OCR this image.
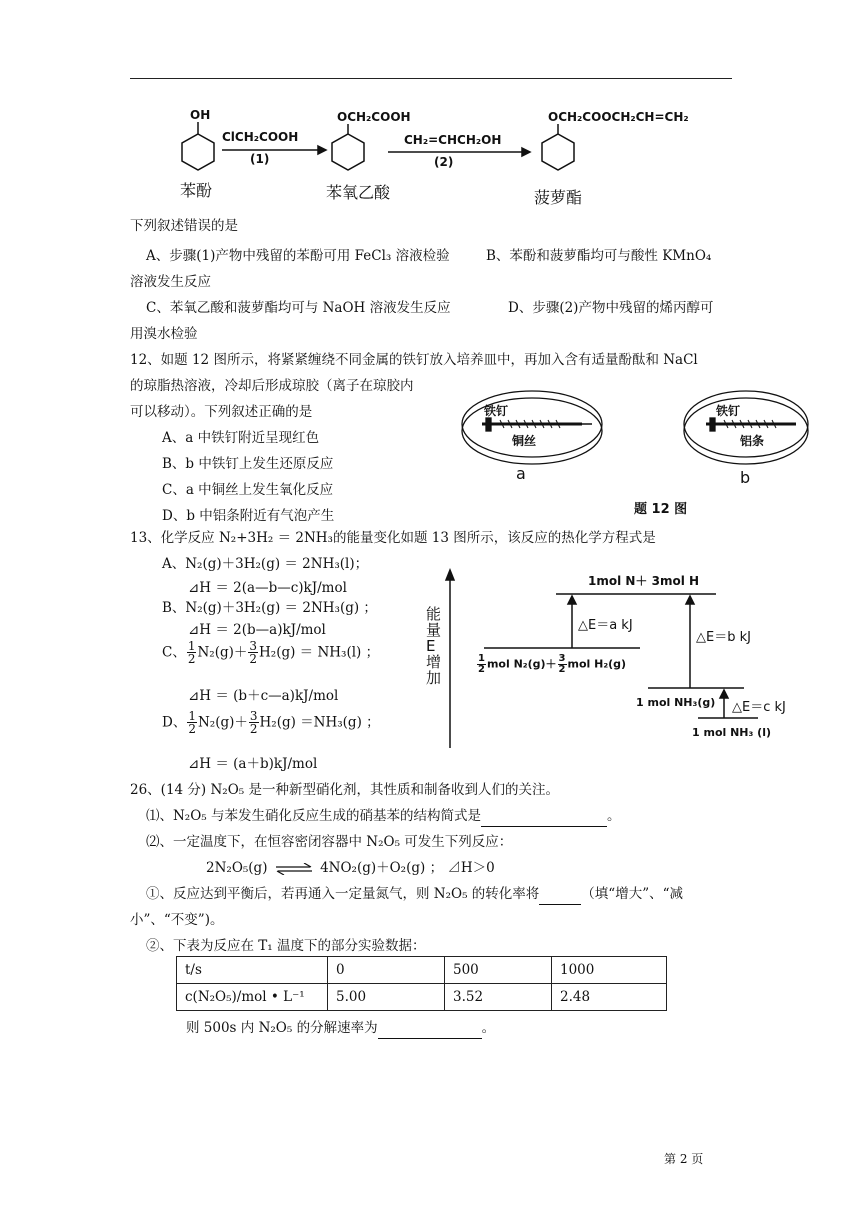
OH
苯酚
ClCH₂COOH
(1)
OCH₂COOH
苯氧乙酸
CH₂=CHCH₂OH
(2)
OCH₂COOCH₂CH=CH₂
菠萝酯
下列叙述错误的是
A、步骤(1)产物中残留的苯酚可用 FeCl₃ 溶液检验	B、苯酚和菠萝酯均可与酸性 KMnO₄
溶液发生反应
C、苯氧乙酸和菠萝酯均可与 NaOH 溶液发生反应	D、步骤(2)产物中残留的烯丙醇可
用溴水检验
12、如题 12 图所示，将紧紧缠绕不同金属的铁钉放入培养皿中，再加入含有适量酚酞和 NaCl
的琼脂热溶液，冷却后形成琼胶（离子在琼胶内
可以移动）。下列叙述正确的是
A、a 中铁钉附近呈现红色
B、b 中铁钉上发生还原反应
C、a 中铜丝上发生氧化反应
D、b 中铝条附近有气泡产生
铁钉
铜丝
a
铁钉
铝条
b
题 12 图
13、化学反应 N₂+3H₂ ＝ 2NH₃的能量变化如题 13 图所示，该反应的热化学方程式是
A、N₂(g)＋3H₂(g) ＝ 2NH₃(l)；
⊿H ＝ 2(a—b—c)kJ/mol
B、N₂(g)＋3H₂(g) ＝ 2NH₃(g) ；
⊿H ＝ 2(b—a)kJ/mol
C、 $\frac{1}{2} N_2(g)+ \frac{3}{2} H_2(g) = NH_3(l)$ ；
⊿H ＝ (b＋c—a)kJ/mol
D、 $\frac{1}{2} N_2(g)+ \frac{3}{2} H_2(g) =NH_3(g)$ ；
⊿H ＝ (a＋b)kJ/mol
能量E增加
1mol N＋ 3mol H
$\frac{1}{2}$ mol $N_2(g)+ \frac{3}{2}$ mol H₂(g)
△E＝a kJ
△E＝b kJ
1 mol NH₃(g) △E＝c kJ
1 mol NH₃ (l)
26、(14 分) N₂O₅ 是一种新型硝化剂，其性质和制备收到人们的关注。
⑴、N₂O₅ 与苯发生硝化反应生成的硝基苯的结构简式是	。
⑵、一定温度下，在恒容密闭容器中 N₂O₅ 可发生下列反应：
2N₂O₅(g) ⇌ 4NO₂(g)＋O₂(g) ； ⊿H＞0
①、反应达到平衡后，若再通入一定量氮气，则 N₂O₅ 的转化率将	（填“增大”、“减
小”、“不变”)。
②、下表为反应在 T₁ 温度下的部分实验数据：
t/s	0	500	1000
c(N₂O₅)/mol • L⁻¹	5.00	3.52	2.48
则 500s 内 N₂O₅ 的分解速率为	。
第 2 页
